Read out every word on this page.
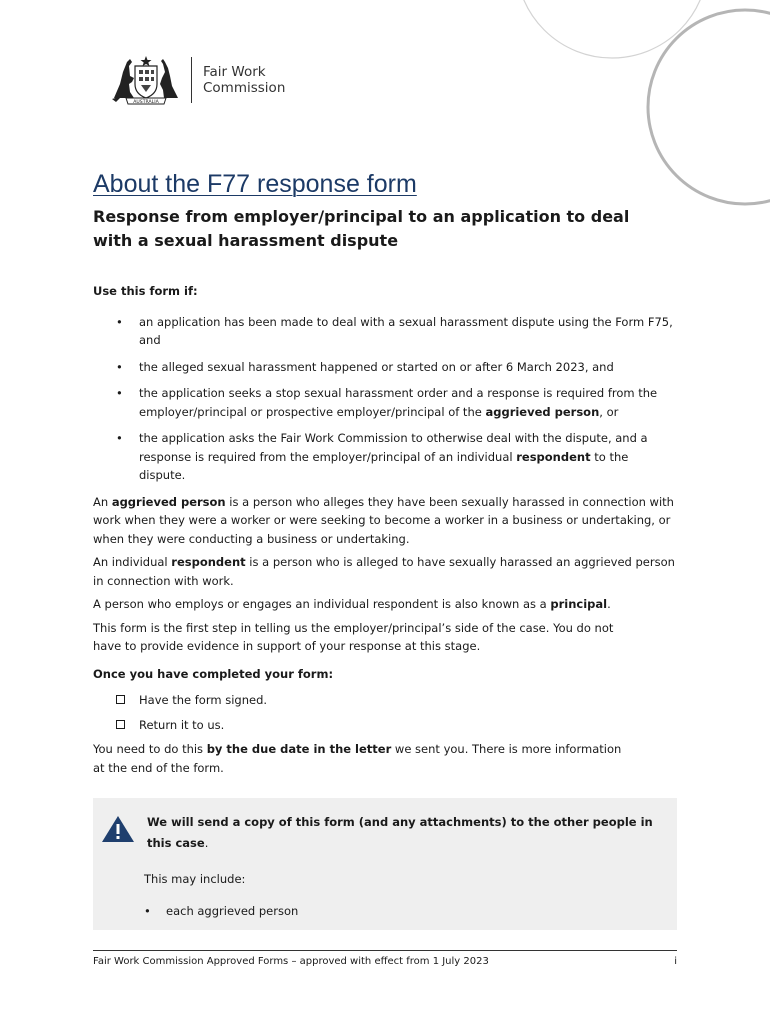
AUSTRALIA
Fair Work
Commission
About the F77 response form
Response from employer/principal to an application to deal with a sexual harassment dispute

Use this form if:

• an application has been made to deal with a sexual harassment dispute using the Form F75, and
• the alleged sexual harassment happened or started on or after 6 March 2023, and
• the application seeks a stop sexual harassment order and a response is required from the employer/principal or prospective employer/principal of the aggrieved person, or
• the application asks the Fair Work Commission to otherwise deal with the dispute, and a response is required from the employer/principal of an individual respondent to the dispute.

An aggrieved person is a person who alleges they have been sexually harassed in connection with work when they were a worker or were seeking to become a worker in a business or undertaking, or when they were conducting a business or undertaking.

An individual respondent is a person who is alleged to have sexually harassed an aggrieved person in connection with work.

A person who employs or engages an individual respondent is also known as a principal.

This form is the first step in telling us the employer/principal’s side of the case. You do not have to provide evidence in support of your response at this stage.

Once you have completed your form:

Have the form signed.
Return it to us.

You need to do this by the due date in the letter we sent you. There is more information at the end of the form.

We will send a copy of this form (and any attachments) to the other people in this case.

This may include:
• each aggrieved person
Fair Work Commission Approved Forms – approved with effect from 1 July 2023	i
